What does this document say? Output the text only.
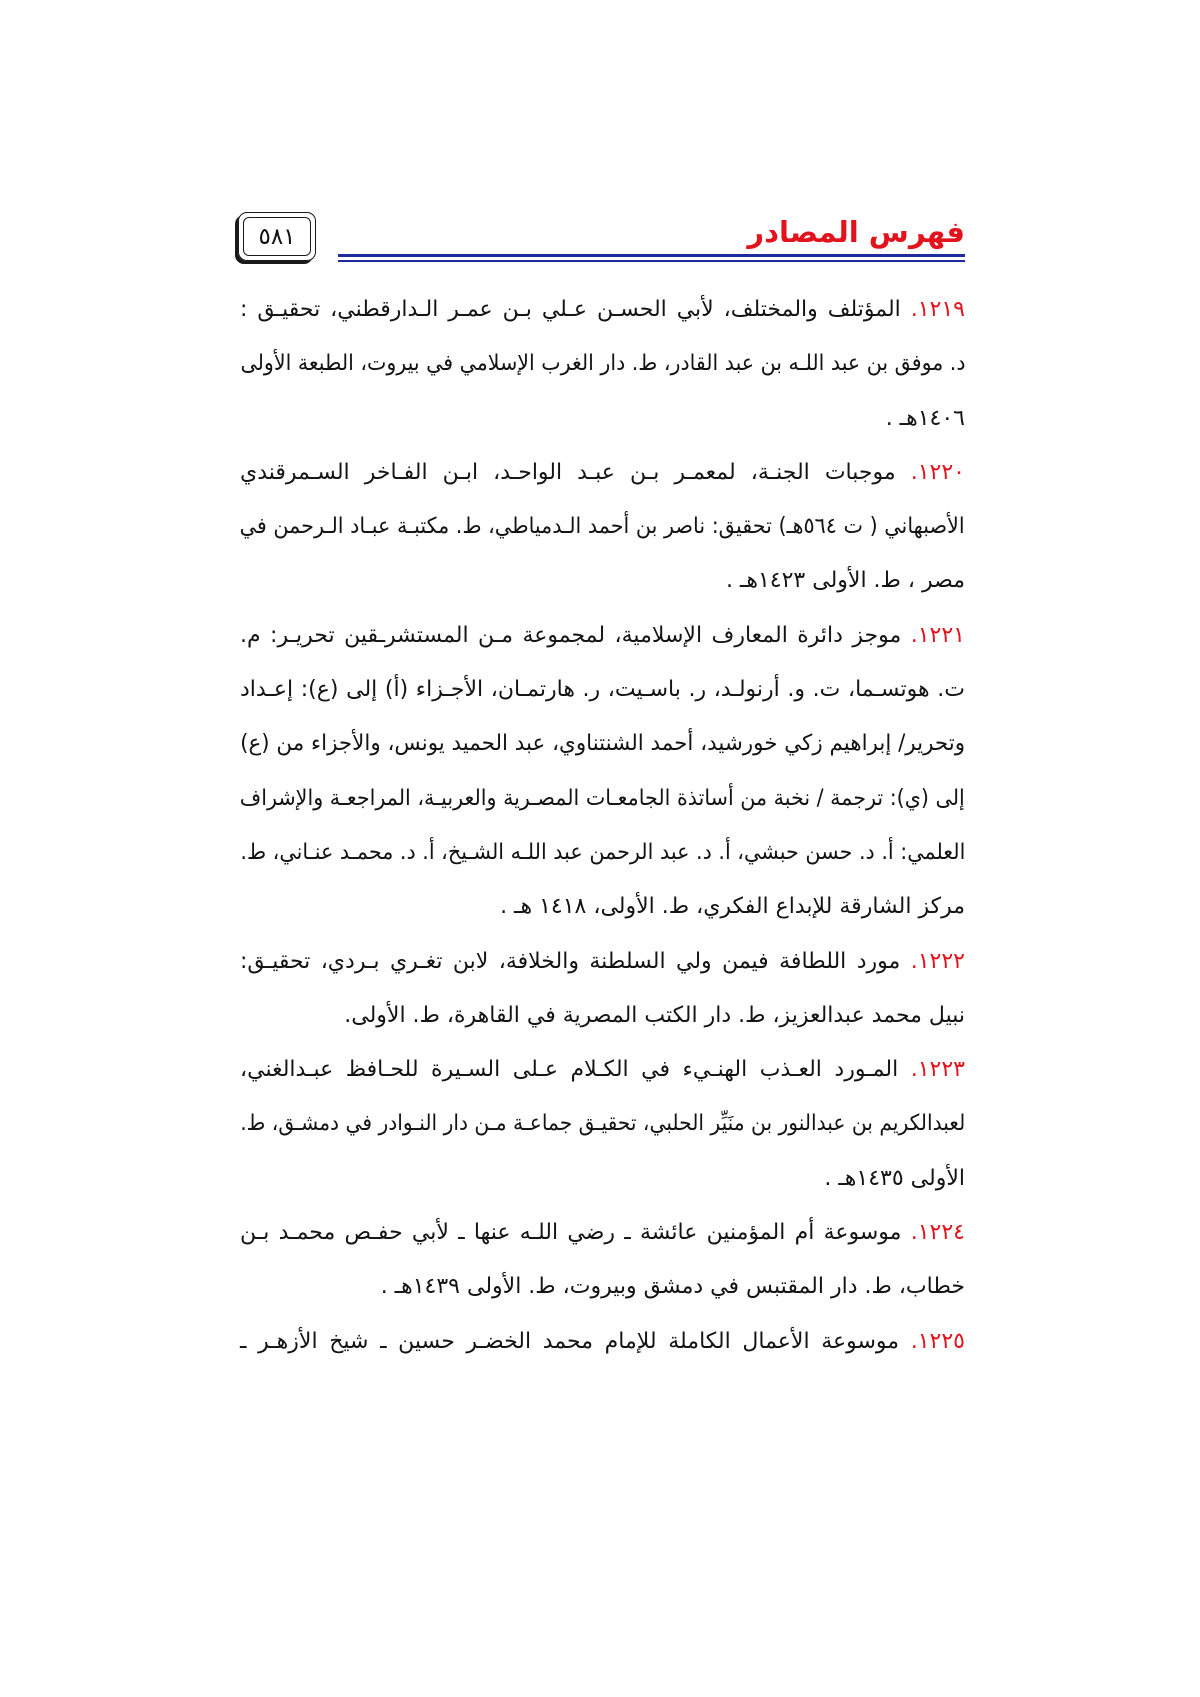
فهرس المصادر
٥٨١
١٢١٩. المؤتلف والمختلف، لأبي الحسـن عـلي بـن عمـر الـدارقطني، تحقيـق :
د. موفق بن عبد اللـه بن عبد القادر، ط. دار الغرب الإسلامي في بيروت، الطبعة الأولى
١٤٠٦هـ .
١٢٢٠. موجبات الجنـة، لمعمـر بـن عبـد الواحـد، ابـن الفـاخر السـمرقندي
الأصبهاني ( ت ٥٦٤هـ) تحقيق: ناصر بن أحمد الـدمياطي، ط. مكتبـة عبـاد الـرحمن في
مصر ، ط. الأولى ١٤٢٣هـ .
١٢٢١. موجز دائرة المعارف الإسلامية، لمجموعة مـن المستشرـقين تحريـر: م.
ت. هوتسـما، ت. و. أرنولـد، ر. باسـيت، ر. هارتمـان، الأجـزاء (أ) إلى (ع): إعـداد
وتحرير/ إبراهيم زكي خورشيد، أحمد الشنتناوي، عبد الحميد يونس، والأجزاء من (ع)
إلى (ي): ترجمة / نخبة من أساتذة الجامعـات المصـرية والعربيـة، المراجعـة والإشراف
العلمي: أ. د. حسن حبشي، أ. د. عبد الرحمن عبد اللـه الشـيخ، أ. د. محمـد عنـاني، ط.
مركز الشارقة للإبداع الفكري، ط. الأولى، ١٤١٨ هـ .
١٢٢٢. مورد اللطافة فيمن ولي السلطنة والخلافة، لابن تغـري بـردي، تحقيـق:
نبيل محمد عبدالعزيز، ط. دار الكتب المصرية في القاهرة، ط. الأولى.
١٢٢٣. المـورد العـذب الهنـيء في الكـلام عـلى السـيرة للحـافظ عبـدالغني،
لعبدالكريم بن عبدالنور بن منَيِّر الحلبي، تحقيـق جماعـة مـن دار النـوادر في دمشـق، ط.
الأولى ١٤٣٥هـ .
١٢٢٤. موسوعة أم المؤمنين عائشة ـ رضي اللـه عنها ـ لأبي حفـص محمـد بـن
خطاب، ط. دار المقتبس في دمشق وبيروت، ط. الأولى ١٤٣٩هـ .
١٢٢٥. موسوعة الأعمال الكاملة للإمام محمد الخضـر حسين ـ شيخ الأزهـر ـ
